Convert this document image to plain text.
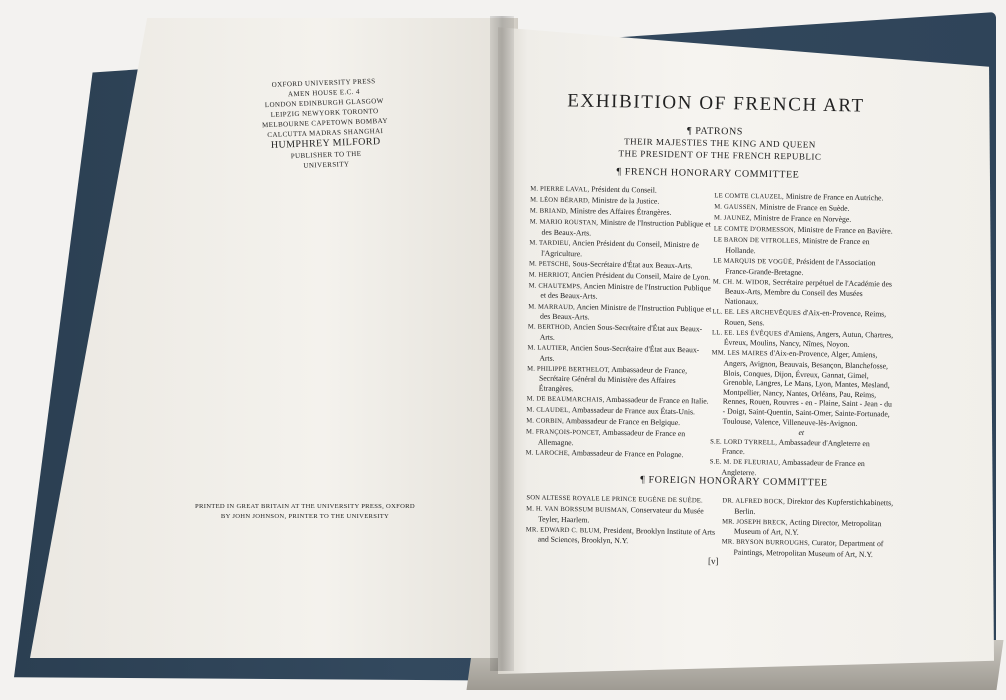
OXFORD UNIVERSITY PRESS
AMEN HOUSE E.C. 4
LONDON EDINBURGH GLASGOW
LEIPZIG NEWYORK TORONTO
MELBOURNE CAPETOWN BOMBAY
CALCUTTA MADRAS SHANGHAI
HUMPHREY MILFORD
PUBLISHER TO THE
UNIVERSITY
PRINTED IN GREAT BRITAIN AT THE UNIVERSITY PRESS, OXFORD
BY JOHN JOHNSON, PRINTER TO THE UNIVERSITY
EXHIBITION OF FRENCH ART
¶ PATRONS
THEIR MAJESTIES THE KING AND QUEEN
THE PRESIDENT OF THE FRENCH REPUBLIC
¶ FRENCH HONORARY COMMITTEE
M. PIERRE LAVAL, Président du Conseil.
M. LÉON BÉRARD, Ministre de la Justice.
M. BRIAND, Ministre des Affaires Étrangères.
M. MARIO ROUSTAN, Ministre de l'Instruction Publique et des Beaux-Arts.
M. TARDIEU, Ancien Président du Conseil, Ministre de l'Agriculture.
M. PETSCHE, Sous-Secrétaire d'État aux Beaux-Arts.
M. HERRIOT, Ancien Président du Conseil, Maire de Lyon.
M. CHAUTEMPS, Ancien Ministre de l'Instruction Publique et des Beaux-Arts.
M. MARRAUD, Ancien Ministre de l'Instruction Publique et des Beaux-Arts.
M. BERTHOD, Ancien Sous-Secrétaire d'État aux Beaux-Arts.
M. LAUTIER, Ancien Sous-Secrétaire d'État aux Beaux-Arts.
M. PHILIPPE BERTHELOT, Ambassadeur de France, Secrétaire Général du Ministère des Affaires Étrangères.
M. DE BEAUMARCHAIS, Ambassadeur de France en Italie.
M. CLAUDEL, Ambassadeur de France aux États-Unis.
M. CORBIN, Ambassadeur de France en Belgique.
M. FRANÇOIS-PONCET, Ambassadeur de France en Allemagne.
M. LAROCHE, Ambassadeur de France en Pologne.
LE COMTE CLAUZEL, Ministre de France en Autriche.
M. GAUSSEN, Ministre de France en Suède.
M. JAUNEZ, Ministre de France en Norvège.
LE COMTE D'ORMESSON, Ministre de France en Bavière.
LE BARON DE VITROLLES, Ministre de France en Hollande.
LE MARQUIS DE VOGÜÉ, Président de l'Association France-Grande-Bretagne.
M. CH. M. WIDOR, Secrétaire perpétuel de l'Académie des Beaux-Arts, Membre du Conseil des Musées Nationaux.
LL. EE. LES ARCHEVÊQUES d'Aix-en-Provence, Reims, Rouen, Sens.
LL. EE. LES ÉVÊQUES d'Amiens, Angers, Autun, Chartres, Évreux, Moulins, Nancy, Nîmes, Noyon.
MM. LES MAIRES d'Aix-en-Provence, Alger, Amiens, Angers, Avignon, Beauvais, Besançon, Blanchefosse, Blois, Conques, Dijon, Évreux, Gannat, Gimel, Grenoble, Langres, Le Mans, Lyon, Mantes, Mesland, Montpellier, Nancy, Nantes, Orléans, Pau, Reims, Rennes, Rouen, Rouvres - en - Plaine, Saint - Jean - du - Doigt, Saint-Quentin, Saint-Omer, Sainte-Fortunade, Toulouse, Valence, Villeneuve-lès-Avignon.
et
S.E. LORD TYRRELL, Ambassadeur d'Angleterre en France.
S.E. M. DE FLEURIAU, Ambassadeur de France en Angleterre.
¶ FOREIGN HONORARY COMMITTEE
SON ALTESSE ROYALE LE PRINCE EUGÈNE DE SUÈDE.
M. H. VAN BORSSUM BUISMAN, Conservateur du Musée Teyler, Haarlem.
MR. EDWARD C. BLUM, President, Brooklyn Institute of Arts and Sciences, Brooklyn, N.Y.
DR. ALFRED BOCK, Direktor des Kupferstichkabinetts, Berlin.
MR. JOSEPH BRECK, Acting Director, Metropolitan Museum of Art, N.Y.
MR. BRYSON BURROUGHS, Curator, Department of Paintings, Metropolitan Museum of Art, N.Y.
[v]
